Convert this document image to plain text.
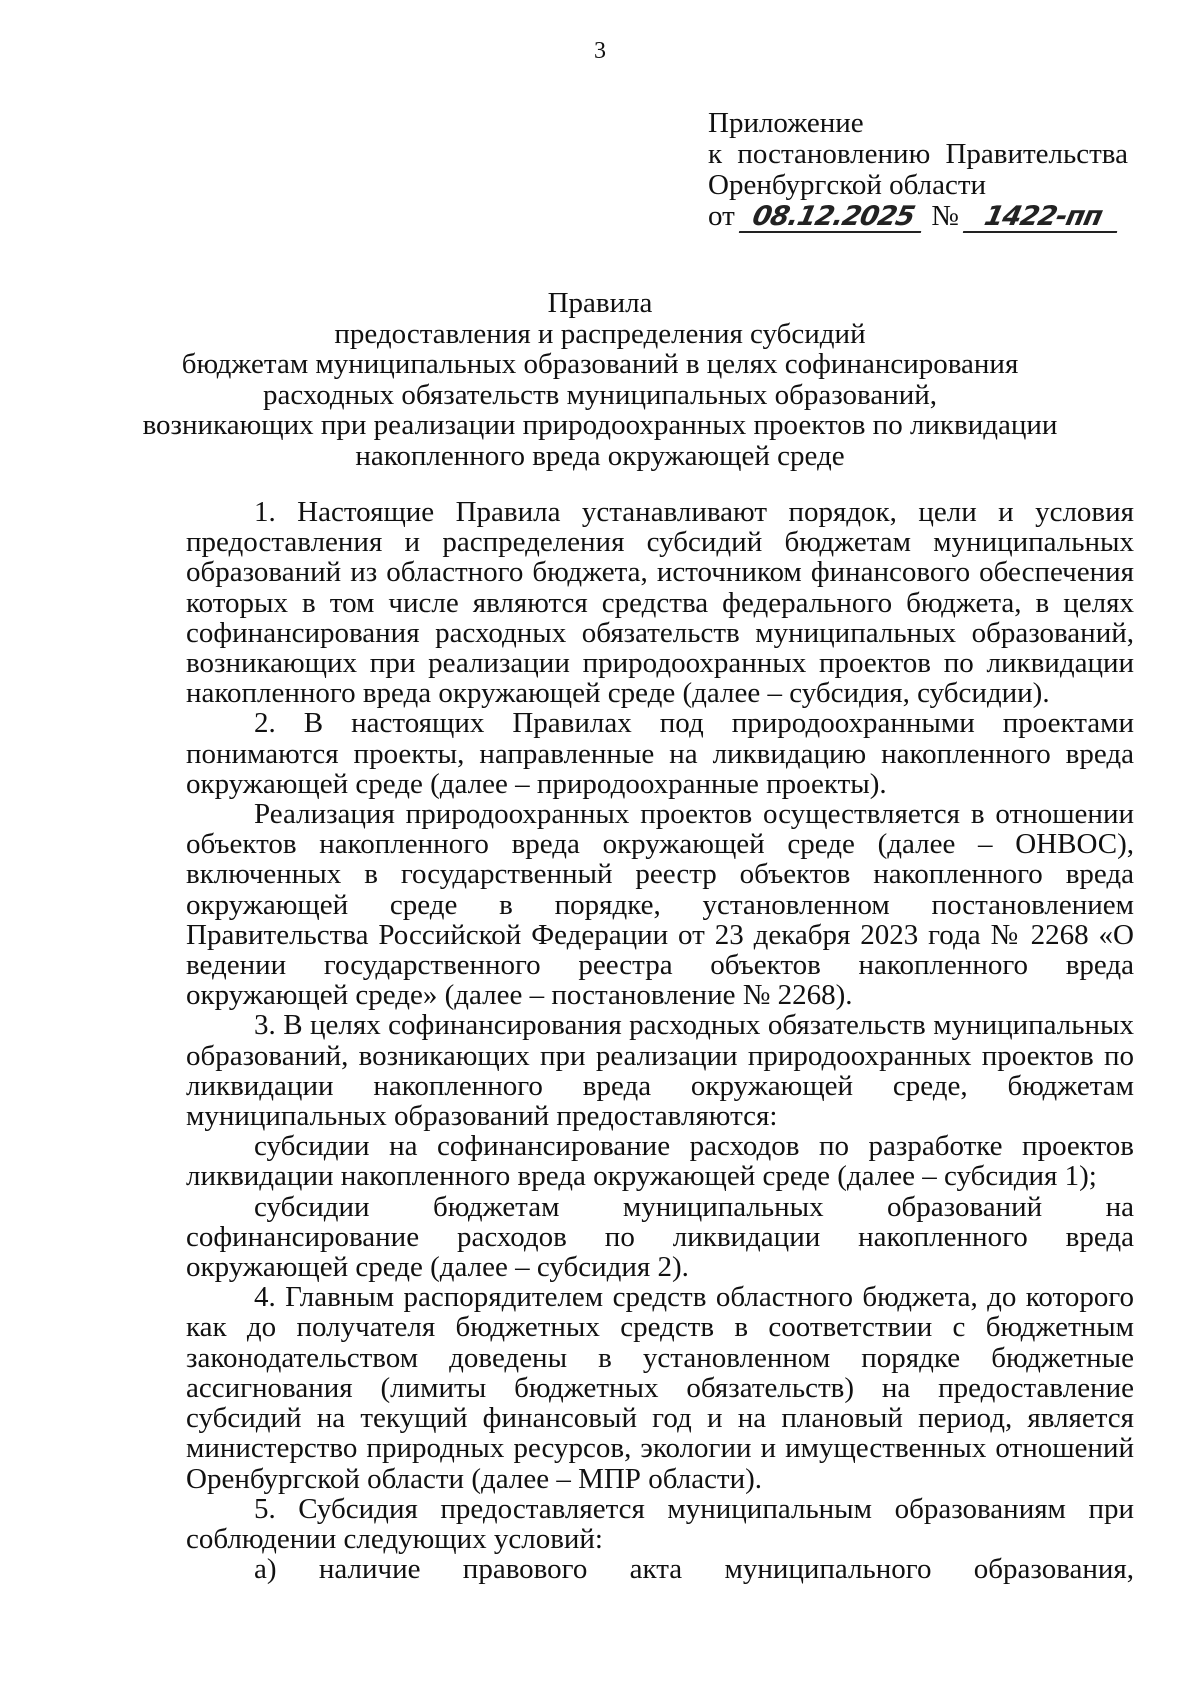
3
Приложение
к постановлению Правительства
Оренбургской области
от 08.12.2025 № 1422-пп
Правила
предоставления и распределения субсидий
бюджетам муниципальных образований в целях софинансирования
расходных обязательств муниципальных образований,
возникающих при реализации природоохранных проектов по ликвидации
накопленного вреда окружающей среде

1. Настоящие Правила устанавливают порядок, цели и условия предоставления и распределения субсидий бюджетам муниципальных образований из областного бюджета, источником финансового обеспечения которых в том числе являются средства федерального бюджета, в целях софинансирования расходных обязательств муниципальных образований, возникающих при реализации природоохранных проектов по ликвидации накопленного вреда окружающей среде (далее – субсидия, субсидии).

2. В настоящих Правилах под природоохранными проектами понимаются проекты, направленные на ликвидацию накопленного вреда окружающей среде (далее – природоохранные проекты).

Реализация природоохранных проектов осуществляется в отношении объектов накопленного вреда окружающей среде (далее – ОНВОС), включенных в государственный реестр объектов накопленного вреда окружающей среде в порядке, установленном постановлением Правительства Российской Федерации от 23 декабря 2023 года № 2268 «О ведении государственного реестра объектов накопленного вреда окружающей среде» (далее – постановление № 2268).

3. В целях софинансирования расходных обязательств муниципальных образований, возникающих при реализации природоохранных проектов по ликвидации накопленного вреда окружающей среде, бюджетам муниципальных образований предоставляются:

субсидии на софинансирование расходов по разработке проектов ликвидации накопленного вреда окружающей среде (далее – субсидия 1);

субсидии бюджетам муниципальных образований на софинансирование расходов по ликвидации накопленного вреда окружающей среде (далее – субсидия 2).

4. Главным распорядителем средств областного бюджета, до которого как до получателя бюджетных средств в соответствии с бюджетным законодательством доведены в установленном порядке бюджетные ассигнования (лимиты бюджетных обязательств) на предоставление субсидий на текущий финансовый год и на плановый период, является министерство природных ресурсов, экологии и имущественных отношений Оренбургской области (далее – МПР области).

5. Субсидия предоставляется муниципальным образованиям при соблюдении следующих условий:

а) наличие правового акта муниципального образования,
